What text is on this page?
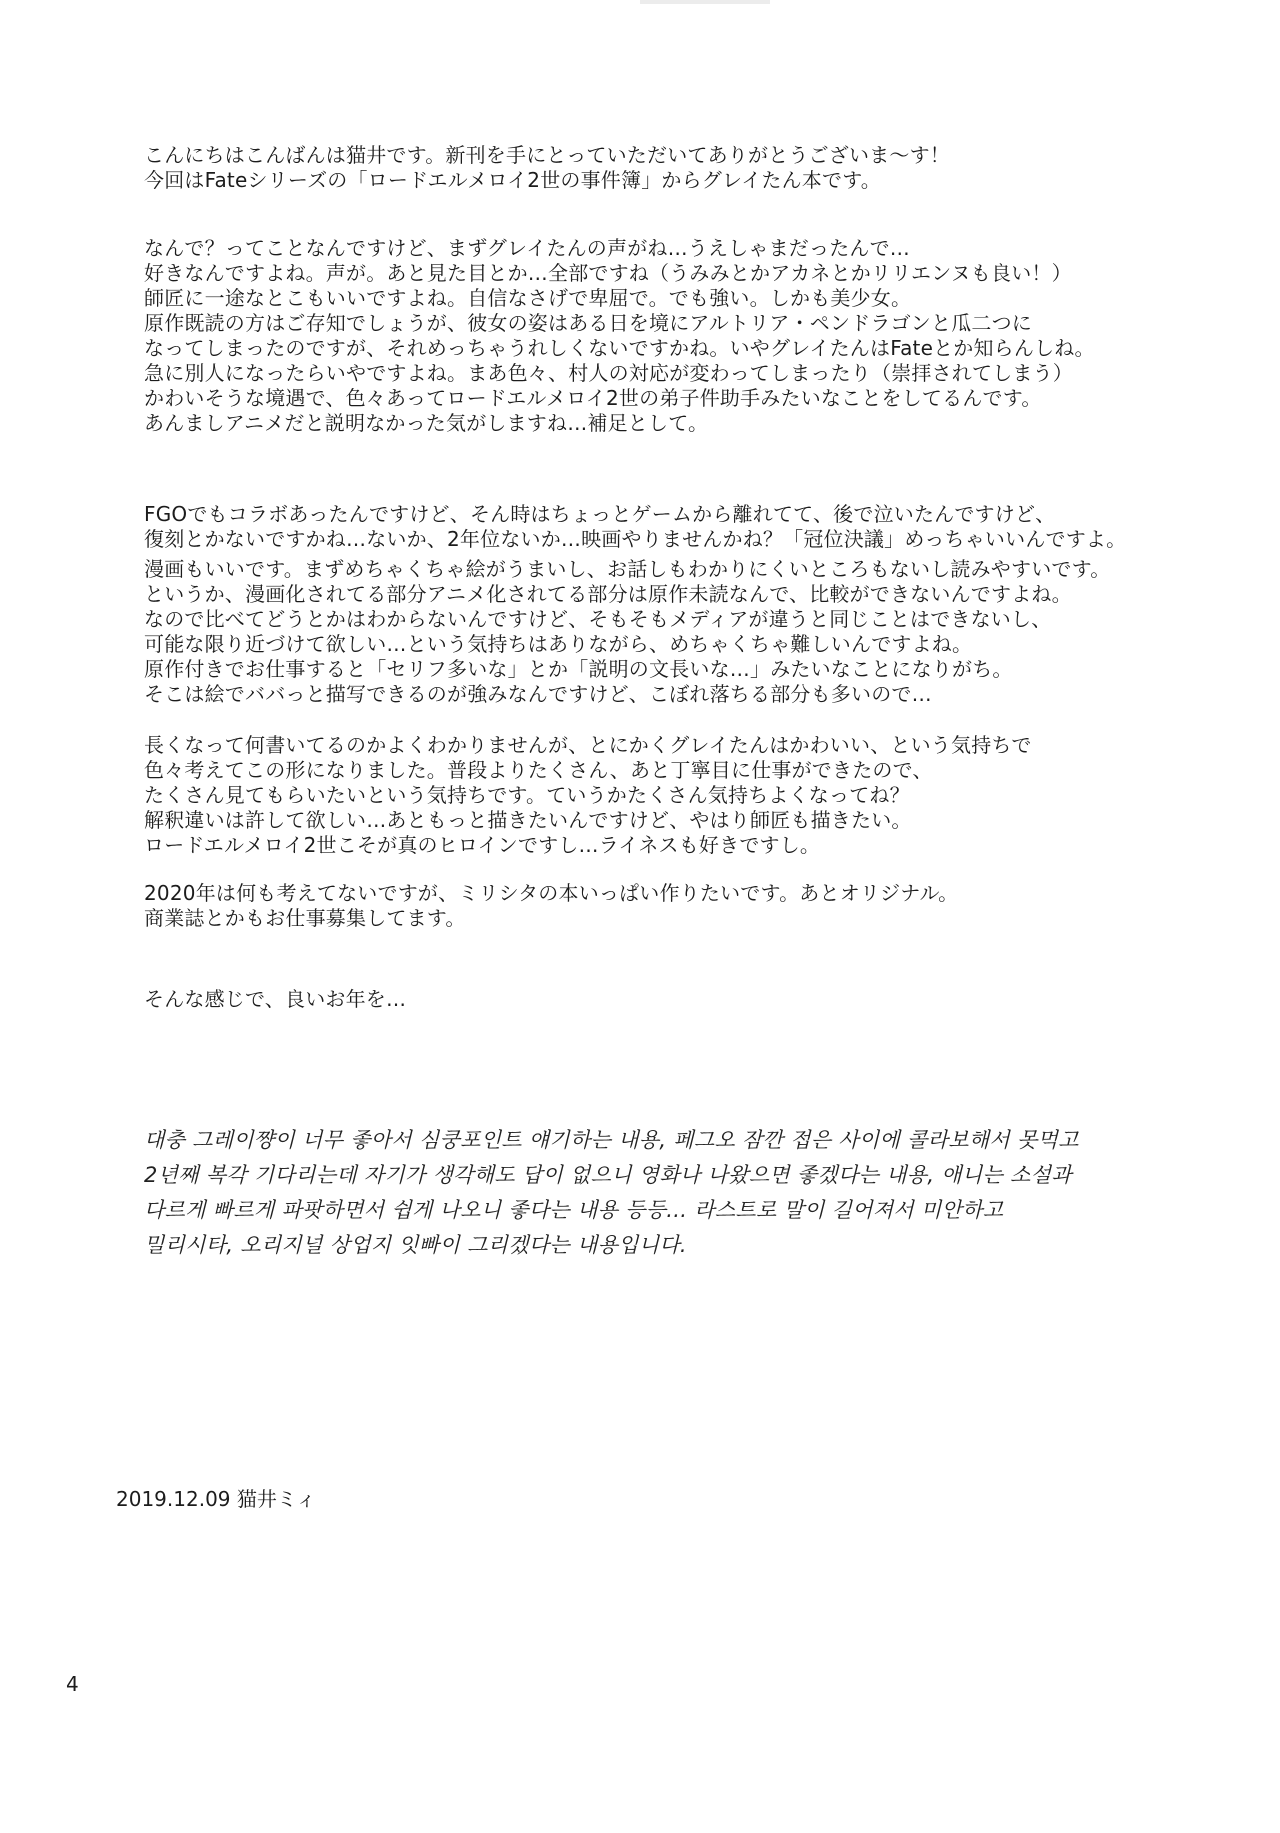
こんにちはこんばんは猫井です。新刊を手にとっていただいてありがとうございま〜す！
今回はFateシリーズの「ロードエルメロイ2世の事件簿」からグレイたん本です。
なんで？ってことなんですけど、まずグレイたんの声がね…うえしゃまだったんで…
好きなんですよね。声が。あと見た目とか…全部ですね（うみみとかアカネとかリリエンヌも良い！）
師匠に一途なとこもいいですよね。自信なさげで卑屈で。でも強い。しかも美少女。
原作既読の方はご存知でしょうが、彼女の姿はある日を境にアルトリア・ペンドラゴンと瓜二つに
なってしまったのですが、それめっちゃうれしくないですかね。いやグレイたんはFateとか知らんしね。
急に別人になったらいやですよね。まあ色々、村人の対応が変わってしまったり（崇拝されてしまう）
かわいそうな境遇で、色々あってロードエルメロイ2世の弟子件助手みたいなことをしてるんです。
あんましアニメだと説明なかった気がしますね…補足として。
FGOでもコラボあったんですけど、そん時はちょっとゲームから離れてて、後で泣いたんですけど、
復刻とかないですかね…ないか、2年位ないか…映画やりませんかね？「冠位決議」めっちゃいいんですよ。
漫画もいいです。まずめちゃくちゃ絵がうまいし、お話しもわかりにくいところもないし読みやすいです。
というか、漫画化されてる部分アニメ化されてる部分は原作未読なんで、比較ができないんですよね。
なので比べてどうとかはわからないんですけど、そもそもメディアが違うと同じことはできないし、
可能な限り近づけて欲しい…という気持ちはありながら、めちゃくちゃ難しいんですよね。
原作付きでお仕事すると「セリフ多いな」とか「説明の文長いな…」みたいなことになりがち。
そこは絵でババっと描写できるのが強みなんですけど、こぼれ落ちる部分も多いので…
長くなって何書いてるのかよくわかりませんが、とにかくグレイたんはかわいい、という気持ちで
色々考えてこの形になりました。普段よりたくさん、あと丁寧目に仕事ができたので、
たくさん見てもらいたいという気持ちです。ていうかたくさん気持ちよくなってね？
解釈違いは許して欲しい…あともっと描きたいんですけど、やはり師匠も描きたい。
ロードエルメロイ2世こそが真のヒロインですし…ライネスも好きですし。
2020年は何も考えてないですが、ミリシタの本いっぱい作りたいです。あとオリジナル。
商業誌とかもお仕事募集してます。
そんな感じで、良いお年を…
대충 그레이쨩이 너무 좋아서 심쿵포인트 얘기하는 내용, 페그오 잠깐 접은 사이에 콜라보해서 못먹고
2년째 복각 기다리는데 자기가 생각해도 답이 없으니 영화나 나왔으면 좋겠다는 내용, 애니는 소설과
다르게 빠르게 파팟하면서 쉽게 나오니 좋다는 내용 등등... 라스트로 말이 길어져서 미안하고
밀리시타, 오리지널 상업지 잇빠이 그리겠다는 내용입니다.
2019.12.09 猫井ミィ
4
